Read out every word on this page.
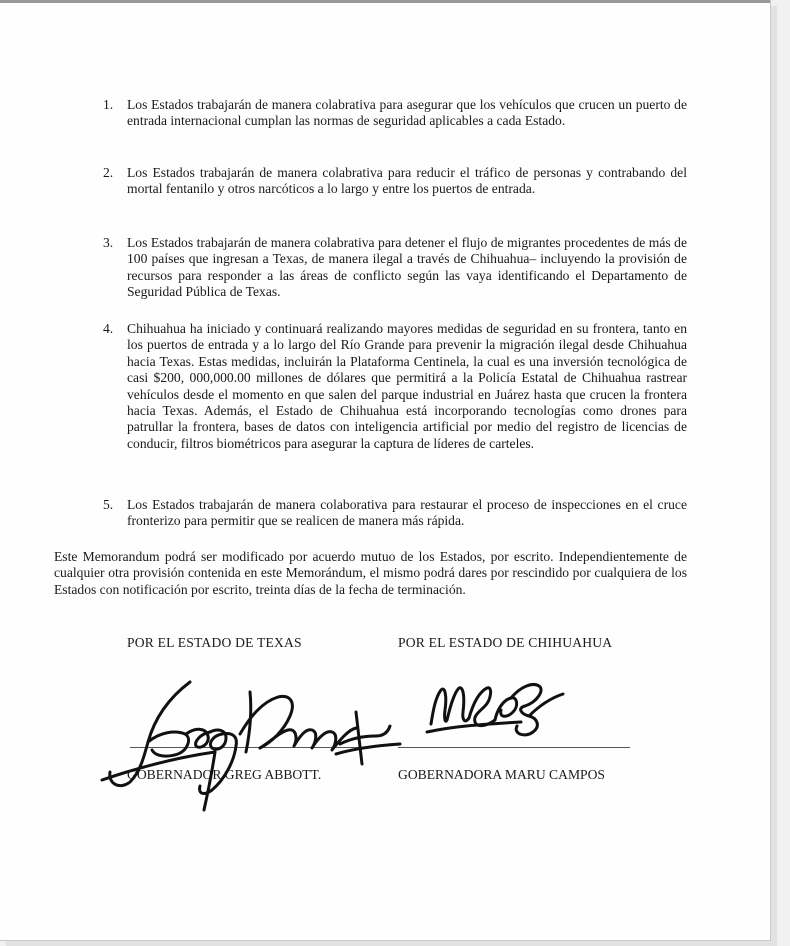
1.	Los Estados trabajarán de manera colabrativa para asegurar que los vehículos que crucen un puerto de entrada internacional cumplan las normas de seguridad aplicables a cada Estado.
2.	Los Estados trabajarán de manera colabrativa para reducir el tráfico de personas y contrabando del mortal fentanilo y otros narcóticos a lo largo y entre los puertos de entrada.
3.	Los Estados trabajarán de manera colabrativa para detener el flujo de migrantes procedentes de más de 100 países que ingresan a Texas, de manera ilegal a través de Chihuahua– incluyendo la provisión de recursos para responder a las áreas de conflicto según las vaya identificando el Departamento de Seguridad Pública de Texas.
4.	Chihuahua ha iniciado y continuará realizando mayores medidas de seguridad en su frontera, tanto en los puertos de entrada y a lo largo del Río Grande para prevenir la migración ilegal desde Chihuahua hacia Texas. Estas medidas, incluirán la Plataforma Centinela, la cual es una inversión tecnológica de casi $200, 000,000.00 millones de dólares que permitirá a la Policía Estatal de Chihuahua rastrear vehículos desde el momento en que salen del parque industrial en Juárez hasta que crucen la frontera hacia Texas. Además, el Estado de Chihuahua está incorporando tecnologías como drones para patrullar la frontera, bases de datos con inteligencia artificial por medio del registro de licencias de conducir, filtros biométricos para asegurar la captura de líderes de carteles.
5.	Los Estados trabajarán de manera colaborativa para restaurar el proceso de inspecciones en el cruce fronterizo para permitir que se realicen de manera más rápida.
Este Memorandum podrá ser modificado por acuerdo mutuo de los Estados, por escrito. Independientemente de cualquier otra provisión contenida en este Memorándum, el mismo podrá dares por rescindido por cualquiera de los Estados con notificación por escrito, treinta días de la fecha de terminación.
POR EL ESTADO DE TEXAS	POR EL ESTADO DE CHIHUAHUA
GOBERNADOR GREG ABBOTT.	GOBERNADORA MARU CAMPOS
